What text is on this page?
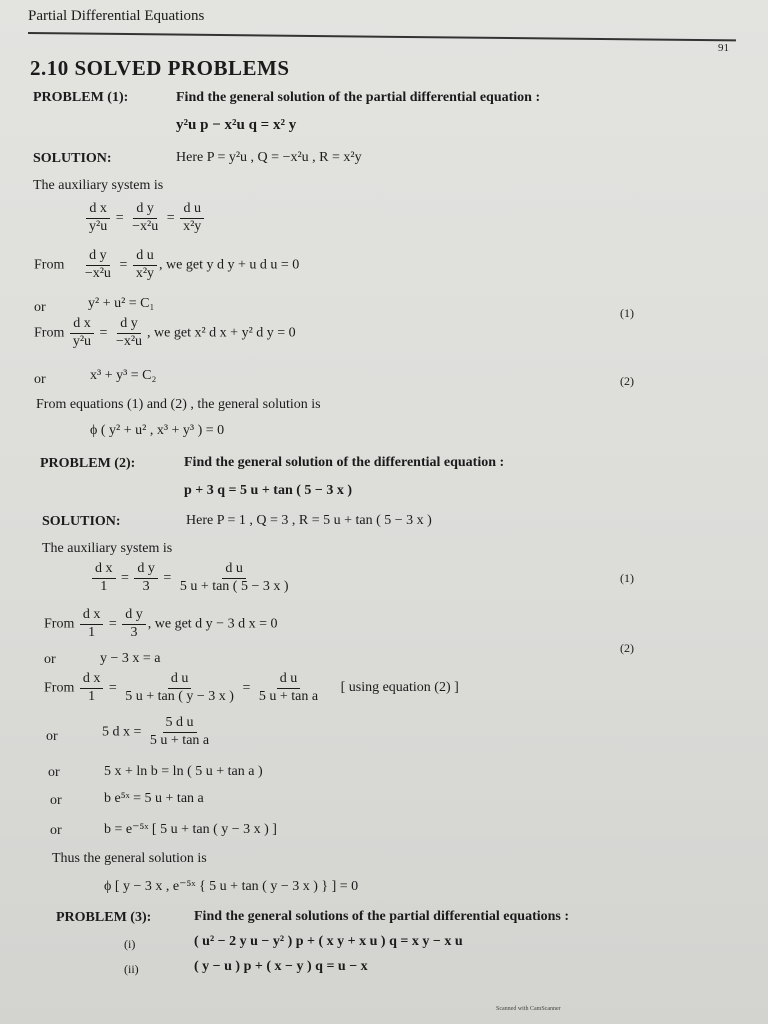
Partial Differential Equations
91
2.10 SOLVED PROBLEMS
PROBLEM (1):	Find the general solution of the partial differential equation :
y²u p − x²u q = x² y
SOLUTION:	Here P = y²u , Q = −x²u , R = x²y
The auxiliary system is
$\frac{\text{d x}}{\text{y²u}} = \frac{\text{d y}}{\text{−x²u}} = \frac{\text{d u}}{\text{x²y}}$
From $\frac{\text{d y}}{\text{−x²u}} = \frac{\text{d u}}{\text{x²y}}$ , we get y d y + u d u = 0
or	y² + u² = C₁
(1)
From $\frac{\text{d x}}{\text{y²u}} = \frac{\text{d y}}{\text{−x²u}}$ , we get x² d x + y² d y = 0
or	x³ + y³ = C₂	(2)
From equations (1) and (2) , the general solution is
ϕ ( y² + u² , x³ + y³ ) = 0
PROBLEM (2):	Find the general solution of the differential equation :
p + 3 q = 5 u + tan ( 5 − 3 x )
SOLUTION:	Here P = 1 , Q = 3 , R = 5 u + tan ( 5 − 3 x )
The auxiliary system is
$\frac{\text{d x}}{1} = \frac{\text{d y}}{3} = \frac{\text{d u}}{5 u + \tan ( 5 - 3 x )}$	(1)
From $\frac{\text{d x}}{1} = \frac{\text{d y}}{3}$ , we get d y − 3 d x = 0
or	y − 3 x = a
(2)
From $\frac{\text{d x}}{1} = \frac{\text{d u}}{5 u + \tan ( y - 3 x )} = \frac{\text{d u}}{\text{5 u + tan a}}$ [ using equation (2) ]
or	5 d $x = \frac{\text{5 d u}}{\text{5 u + tan a}}$
or	5 x + ln b = ln ( 5 u + tan a )
or	b e⁵ˣ = 5 u + tan a
or	b = e⁻⁵ˣ [ 5 u + tan ( y − 3 x ) ]
Thus the general solution is
ϕ [ y − 3 x , e⁻⁵ˣ { 5 u + tan ( y − 3 x ) } ] = 0
PROBLEM (3):	Find the general solutions of the partial differential equations :
(i)	( u² − 2 y u − y² ) p + ( x y + x u ) q = x y − x u
(ii)	( y − u ) p + ( x − y ) q = u − x
Scanned with CamScanner
